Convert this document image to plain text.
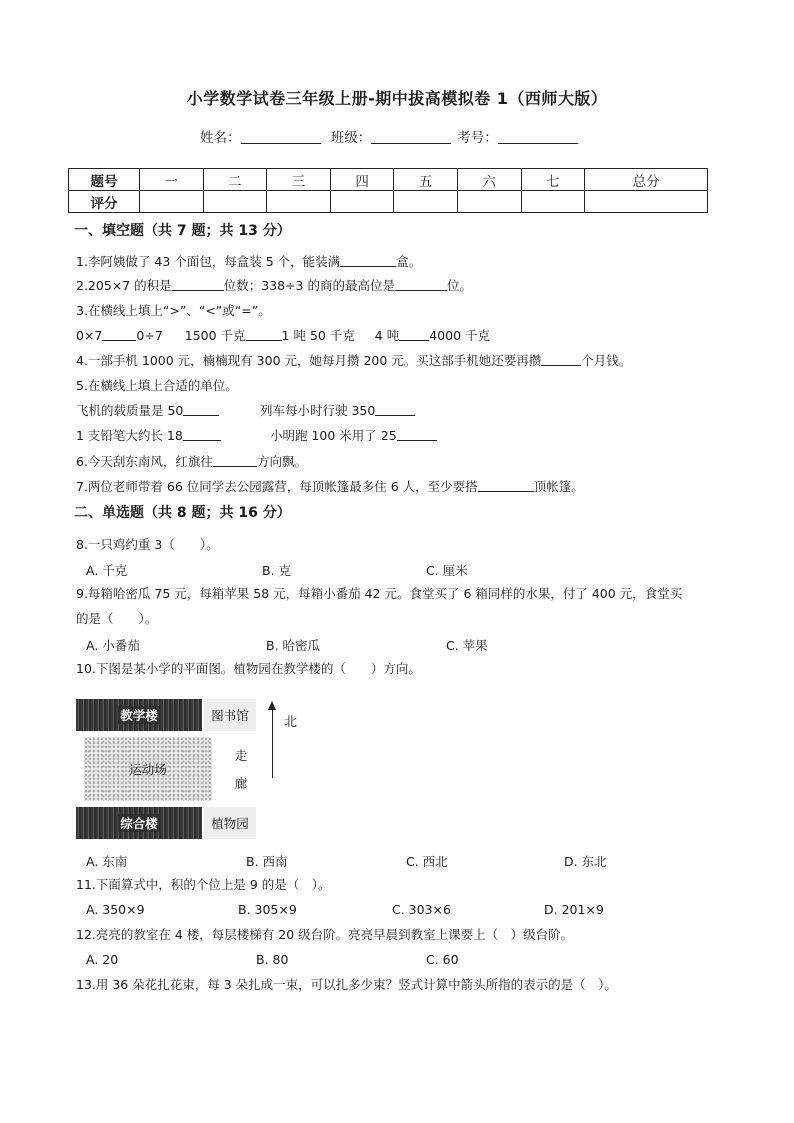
小学数学试卷三年级上册-期中拔高模拟卷 1（西师大版）
姓名：	班级：	考号：
题号	一	二	三	四	五	六	七	总分
评分								
一、填空题（共 7 题；共 13 分）
1.李阿姨做了 43 个面包，每盒装 5 个，能装满	盒。
2.205×7 的积是	位数；338÷3 的商的最高位是	位。
3.在横线上填上“>”、“<”或“=”。
0×7	0÷7 1500 千克	1 吨 50 千克 4 吨 4000 千克
4.一部手机 1000 元，楠楠现有 300 元，她每月攒 200 元。买这部手机她还要再攒	个月钱。
5.在横线上填上合适的单位。
飞机的载质量是 50	列车每小时行驶 350
1 支铅笔大约长 18	小明跑 100 米用了 25
6.今天刮东南风，红旗往	方向飘。
7.两位老师带着 66 位同学去公园露营，每顶帐篷最多住 6 人，至少要搭	顶帐篷。
二、单选题（共 8 题；共 16 分）
8.一只鸡约重 3（　　）。
A. 千克	B. 克	C. 厘米
9.每箱哈密瓜 75 元，每箱苹果 58 元，每箱小番茄 42 元。食堂买了 6 箱同样的水果，付了 400 元，食堂买
的是（　　）。
A. 小番茄	B. 哈密瓜	C. 苹果
10.下图是某小学的平面图。植物园在教学楼的（　　）方向。
教学楼	图书馆
运动场
走
廊
综合楼	植物园
北
A. 东南	B. 西南	C. 西北	D. 东北
11.下面算式中，积的个位上是 9 的是（　）。
A. 350×9	B. 305×9	C. 303×6	D. 201×9
12.亮亮的教室在 4 楼，每层楼梯有 20 级台阶。亮亮早晨到教室上课要上（　）级台阶。
A. 20	B. 80	C. 60
13.用 36 朵花扎花束，每 3 朵扎成一束，可以扎多少束？竖式计算中箭头所指的表示的是（　）。
